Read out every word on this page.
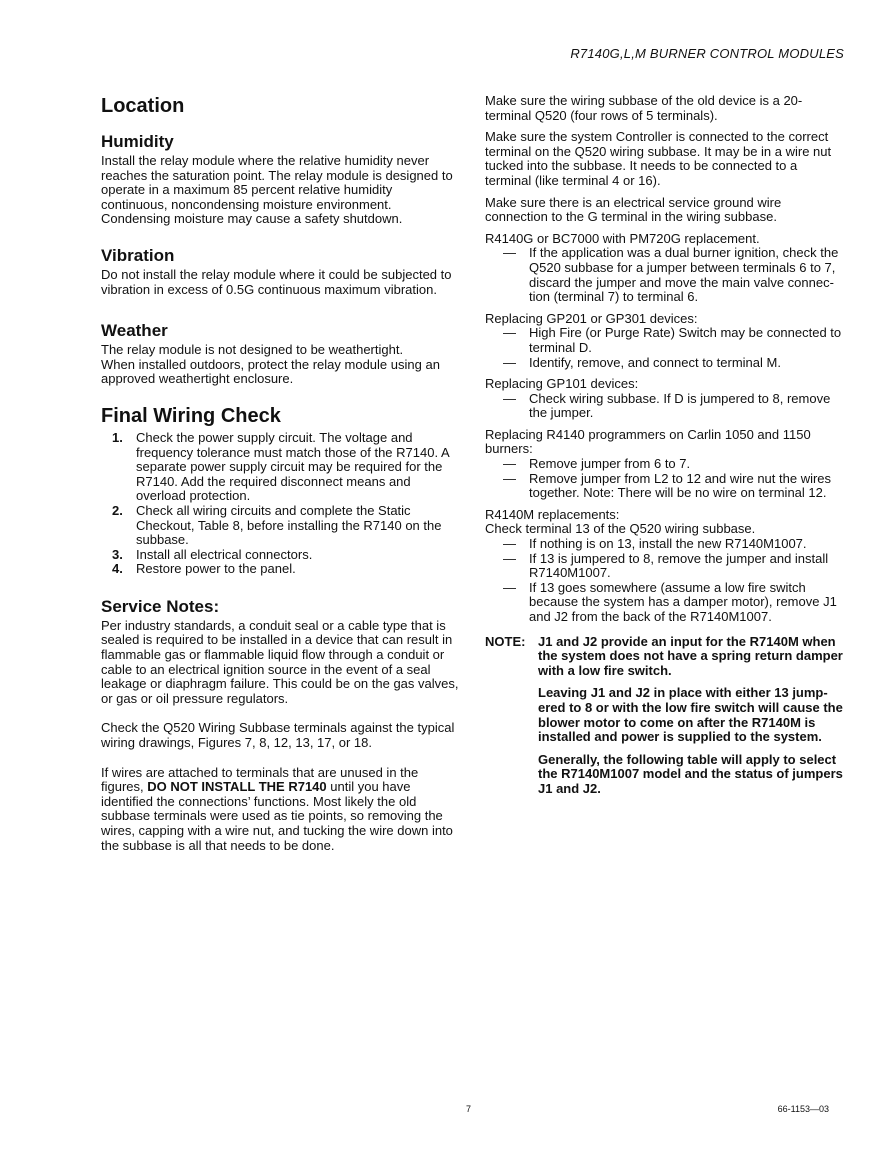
R7140G,L,M BURNER CONTROL MODULES
Location
Humidity

Install the relay module where the relative humidity never reaches the saturation point. The relay module is designed to operate in a maximum 85 percent relative humidity continuous, noncondensing moisture environment. Condensing moisture may cause a safety shutdown.

Vibration

Do not install the relay module where it could be subjected to vibration in excess of 0.5G continuous maximum vibration.

Weather

The relay module is not designed to be weathertight.

When installed outdoors, protect the relay module using an approved weathertight enclosure.

Final Wiring Check
1. Check the power supply circuit. The voltage and frequency tolerance must match those of the R7140. A separate power supply circuit may be required for the R7140. Add the required disconnect means and overload protection.
2. Check all wiring circuits and complete the Static Checkout, Table 8, before installing the R7140 on the subbase.
3. Install all electrical connectors.
4. Restore power to the panel.
Service Notes:

Per industry standards, a conduit seal or a cable type that is sealed is required to be installed in a device that can result in flammable gas or flammable liquid flow through a conduit or cable to an electrical ignition source in the event of a seal leakage or diaphragm failure. This could be on the gas valves, or gas or oil pressure regulators.

Check the Q520 Wiring Subbase terminals against the typical wiring drawings, Figures 7, 8, 12, 13, 17, or 18.

If wires are attached to terminals that are unused in the figures, DO NOT INSTALL THE R7140 until you have identified the connections’ functions. Most likely the old subbase terminals were used as tie points, so removing the wires, capping with a wire nut, and tucking the wire down into the subbase is all that needs to be done.

Make sure the wiring subbase of the old device is a 20-terminal Q520 (four rows of 5 terminals).

Make sure the system Controller is connected to the correct terminal on the Q520 wiring subbase. It may be in a wire nut tucked into the subbase. It needs to be connected to a terminal (like terminal 4 or 16).

Make sure there is an electrical service ground wire connection to the G terminal in the wiring subbase.

R4140G or BC7000 with PM720G replacement.
— If the application was a dual burner ignition, check the Q520 subbase for a jumper between terminals 6 to 7, discard the jumper and move the main valve connec-tion (terminal 7) to terminal 6.
Replacing GP201 or GP301 devices:
— High Fire (or Purge Rate) Switch may be connected to terminal D.
— Identify, remove, and connect to terminal M.
Replacing GP101 devices:
— Check wiring subbase. If D is jumpered to 8, remove the jumper.
Replacing R4140 programmers on Carlin 1050 and 1150 burners:
— Remove jumper from 6 to 7.
— Remove jumper from L2 to 12 and wire nut the wires together. Note: There will be no wire on terminal 12.
R4140M replacements:
Check terminal 13 of the Q520 wiring subbase.
— If nothing is on 13, install the new R7140M1007.
— If 13 is jumpered to 8, remove the jumper and install R7140M1007.
— If 13 goes somewhere (assume a low fire switch because the system has a damper motor), remove J1 and J2 from the back of the R7140M1007.
NOTE: J1 and J2 provide an input for the R7140M when the system does not have a spring return damper with a low fire switch.

Leaving J1 and J2 in place with either 13 jump-ered to 8 or with the low fire switch will cause the blower motor to come on after the R7140M is installed and power is supplied to the system.

Generally, the following table will apply to select the R7140M1007 model and the status of jumpers J1 and J2.

7	66-1153—03
